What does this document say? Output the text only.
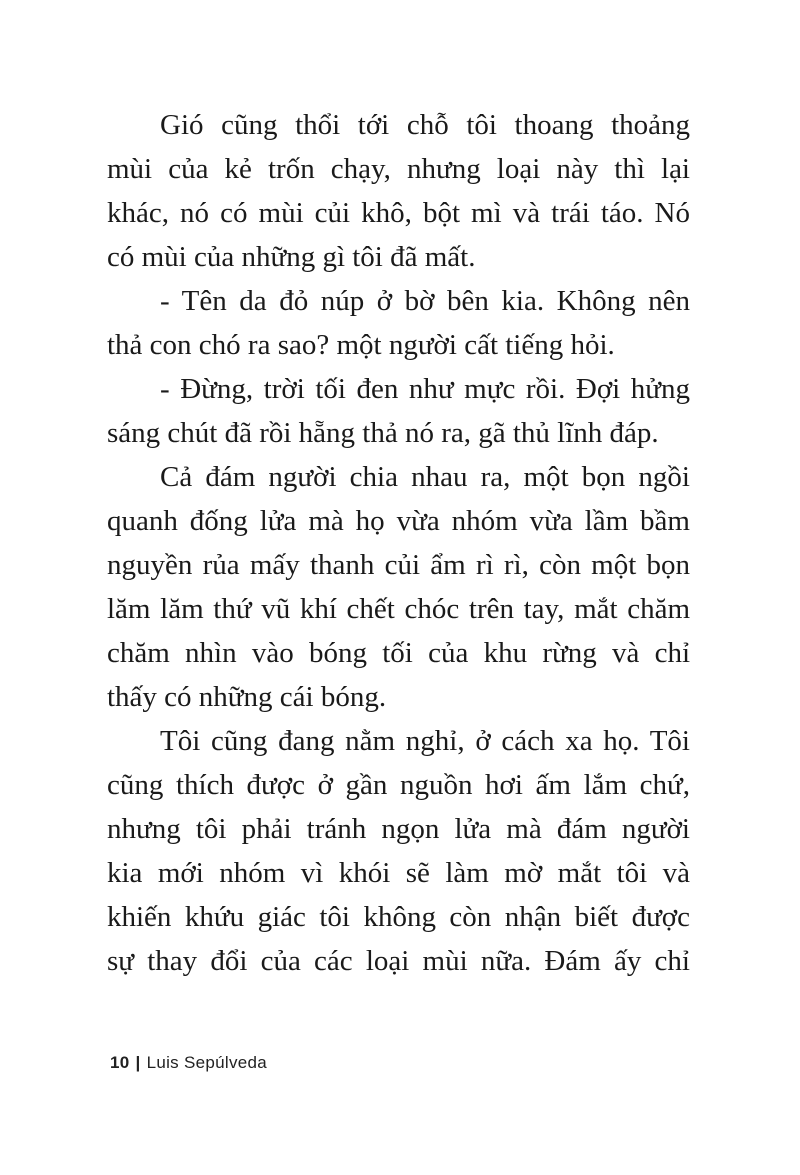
Gió cũng thổi tới chỗ tôi thoang thoảng
mùi của kẻ trốn chạy, nhưng loại này thì lại
khác, nó có mùi củi khô, bột mì và trái táo. Nó
có mùi của những gì tôi đã mất.
- Tên da đỏ núp ở bờ bên kia. Không nên
thả con chó ra sao? một người cất tiếng hỏi.
- Đừng, trời tối đen như mực rồi. Đợi hửng
sáng chút đã rồi hẵng thả nó ra, gã thủ lĩnh đáp.
Cả đám người chia nhau ra, một bọn ngồi
quanh đống lửa mà họ vừa nhóm vừa lầm bầm
nguyền rủa mấy thanh củi ẩm rì rì, còn một bọn
lăm lăm thứ vũ khí chết chóc trên tay, mắt chăm
chăm nhìn vào bóng tối của khu rừng và chỉ
thấy có những cái bóng.
Tôi cũng đang nằm nghỉ, ở cách xa họ. Tôi
cũng thích được ở gần nguồn hơi ấm lắm chứ,
nhưng tôi phải tránh ngọn lửa mà đám người
kia mới nhóm vì khói sẽ làm mờ mắt tôi và
khiến khứu giác tôi không còn nhận biết được
sự thay đổi của các loại mùi nữa. Đám ấy chỉ
10 | Luis Sepúlveda
